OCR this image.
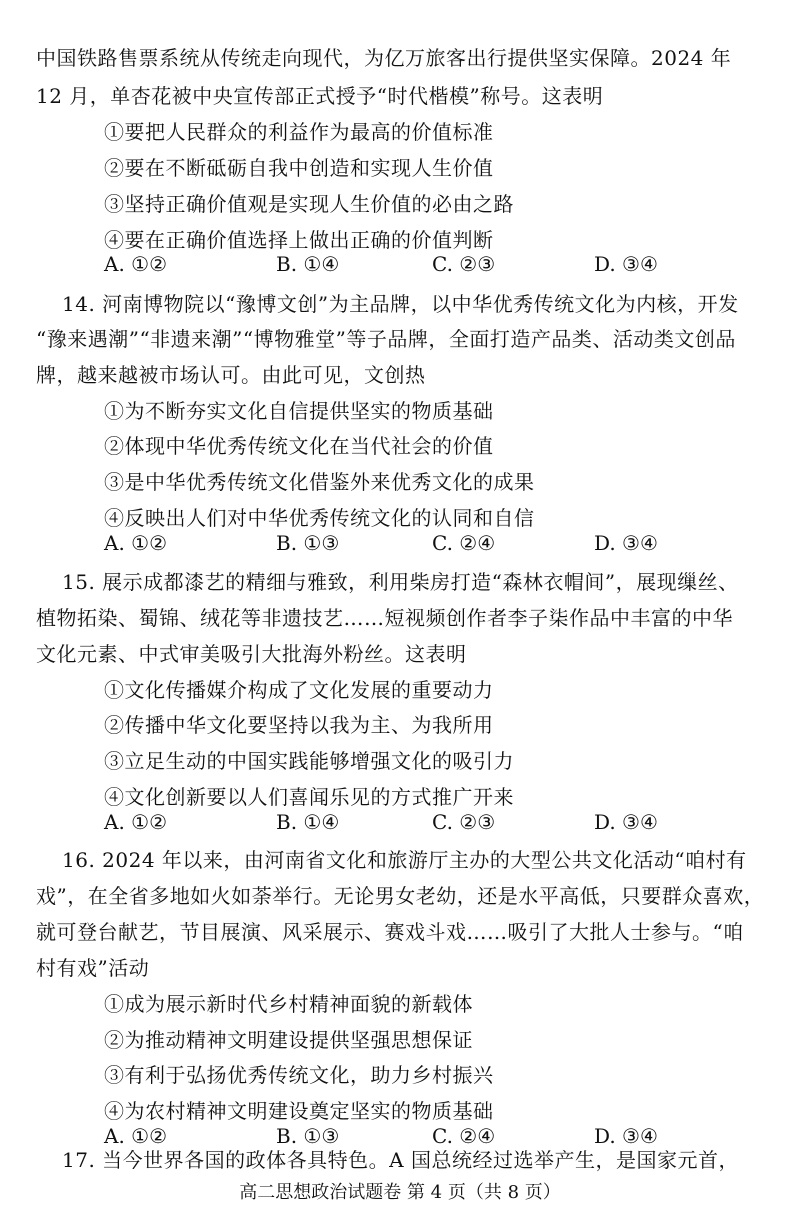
中国铁路售票系统从传统走向现代，为亿万旅客出行提供坚实保障。2024 年
12 月，单杏花被中央宣传部正式授予“时代楷模”称号。这表明
①要把人民群众的利益作为最高的价值标准
②要在不断砥砺自我中创造和实现人生价值
③坚持正确价值观是实现人生价值的必由之路
④要在正确价值选择上做出正确的价值判断
A. ①②	B. ①④	C. ②③	D. ③④
14. 河南博物院以“豫博文创”为主品牌，以中华优秀传统文化为内核，开发
“豫来遇潮”“非遗来潮”“博物雅堂”等子品牌，全面打造产品类、活动类文创品
牌，越来越被市场认可。由此可见，文创热
①为不断夯实文化自信提供坚实的物质基础
②体现中华优秀传统文化在当代社会的价值
③是中华优秀传统文化借鉴外来优秀文化的成果
④反映出人们对中华优秀传统文化的认同和自信
A. ①②	B. ①③	C. ②④	D. ③④
15. 展示成都漆艺的精细与雅致，利用柴房打造“森林衣帽间”，展现缫丝、
植物拓染、蜀锦、绒花等非遗技艺……短视频创作者李子柒作品中丰富的中华
文化元素、中式审美吸引大批海外粉丝。这表明
①文化传播媒介构成了文化发展的重要动力
②传播中华文化要坚持以我为主、为我所用
③立足生动的中国实践能够增强文化的吸引力
④文化创新要以人们喜闻乐见的方式推广开来
A. ①②	B. ①④	C. ②③	D. ③④
16. 2024 年以来，由河南省文化和旅游厅主办的大型公共文化活动“咱村有
戏”，在全省多地如火如荼举行。无论男女老幼，还是水平高低，只要群众喜欢，
就可登台献艺，节目展演、风采展示、赛戏斗戏……吸引了大批人士参与。“咱
村有戏”活动
①成为展示新时代乡村精神面貌的新载体
②为推动精神文明建设提供坚强思想保证
③有利于弘扬优秀传统文化，助力乡村振兴
④为农村精神文明建设奠定坚实的物质基础
A. ①②	B. ①③	C. ②④	D. ③④
17. 当今世界各国的政体各具特色。A 国总统经过选举产生，是国家元首，
高二思想政治试题卷 第 4 页（共 8 页）
